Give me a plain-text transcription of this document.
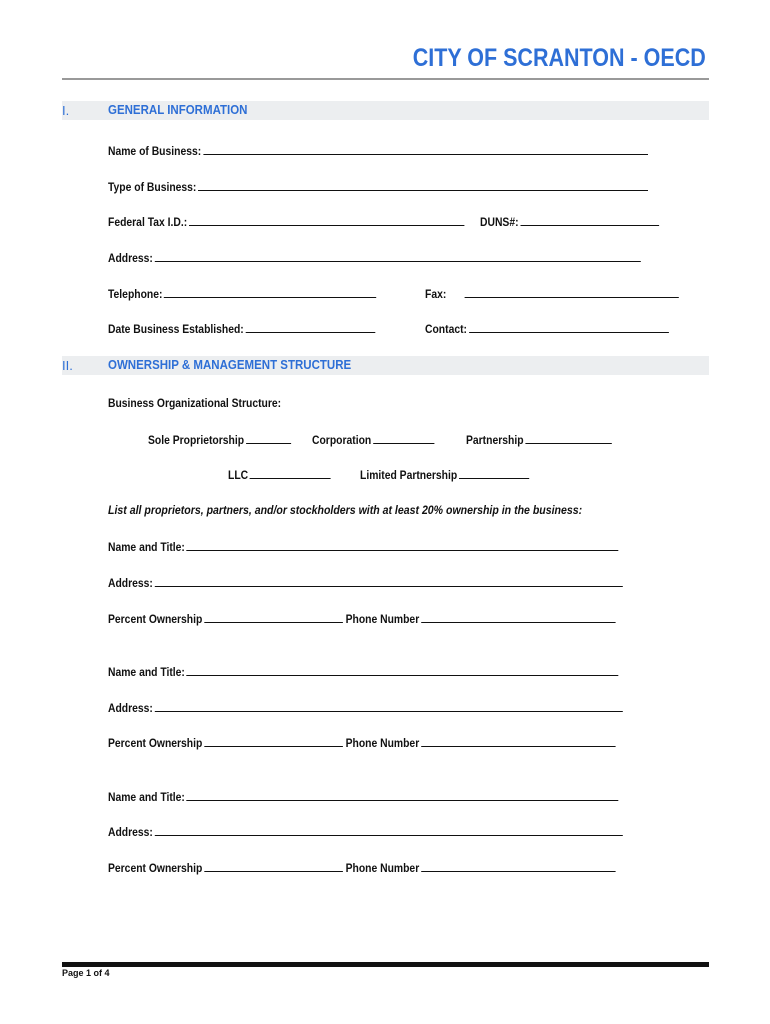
CITY OF SCRANTON - OECD
I.	GENERAL INFORMATION
Name of Business:
Type of Business:
Federal Tax I.D.:	DUNS#:
Address:
Telephone:	Fax:
Date Business Established:	Contact:
II.	OWNERSHIP & MANAGEMENT STRUCTURE
Business Organizational Structure:
Sole Proprietorship	Corporation	Partnership
LLC	Limited Partnership
List all proprietors, partners, and/or stockholders with at least 20% ownership in the business:
Name and Title:
Address:
Percent Ownership	Phone Number
Name and Title:
Address:
Percent Ownership	Phone Number
Name and Title:
Address:
Percent Ownership	Phone Number
Page 1 of 4
